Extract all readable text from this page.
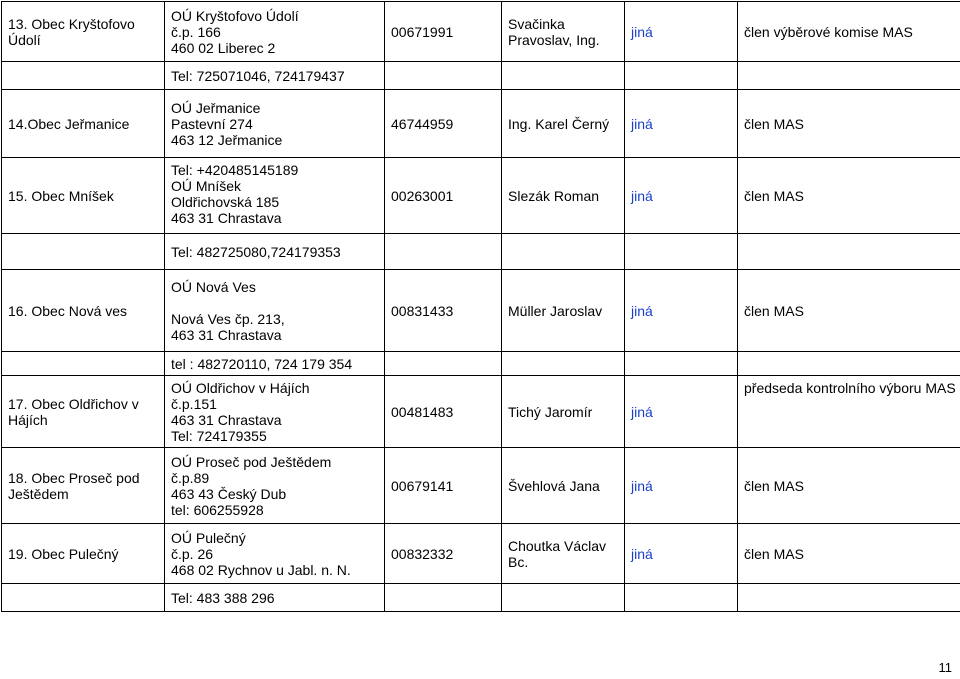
13. Obec Kryštofovo Údolí	OÚ Kryštofovo Údolí
č.p. 166
460 02 Liberec 2	00671991	Svačinka Pravoslav, Ing.	jiná	člen výběrové komise MAS
	Tel: 725071046, 724179437				
14.Obec Jeřmanice	OÚ Jeřmanice
Pastevní 274
463 12 Jeřmanice	46744959	Ing. Karel Černý	jiná	člen MAS
15. Obec Mníšek	Tel: +420485145189
OÚ Mníšek
Oldřichovská 185
463 31 Chrastava	00263001	Slezák Roman	jiná	člen MAS
	Tel: 482725080,724179353				
16. Obec Nová ves	OÚ Nová Ves

Nová Ves čp. 213,
463 31 Chrastava	00831433	Müller Jaroslav	jiná	člen MAS
	tel : 482720110, 724 179 354				
17. Obec Oldřichov v Hájích	OÚ Oldřichov v Hájích
č.p.151
463 31 Chrastava
Tel: 724179355	00481483	Tichý Jaromír	jiná	předseda kontrolního výboru MAS
18. Obec Proseč pod Ještědem	OÚ Proseč pod Ještědem
č.p.89
463 43 Český Dub
tel: 606255928	00679141	Švehlová Jana	jiná	člen MAS
19. Obec Pulečný	OÚ Pulečný
č.p. 26
468 02 Rychnov u Jabl. n. N.	00832332	Choutka Václav Bc.	jiná	člen MAS
	Tel: 483 388 296				
11
